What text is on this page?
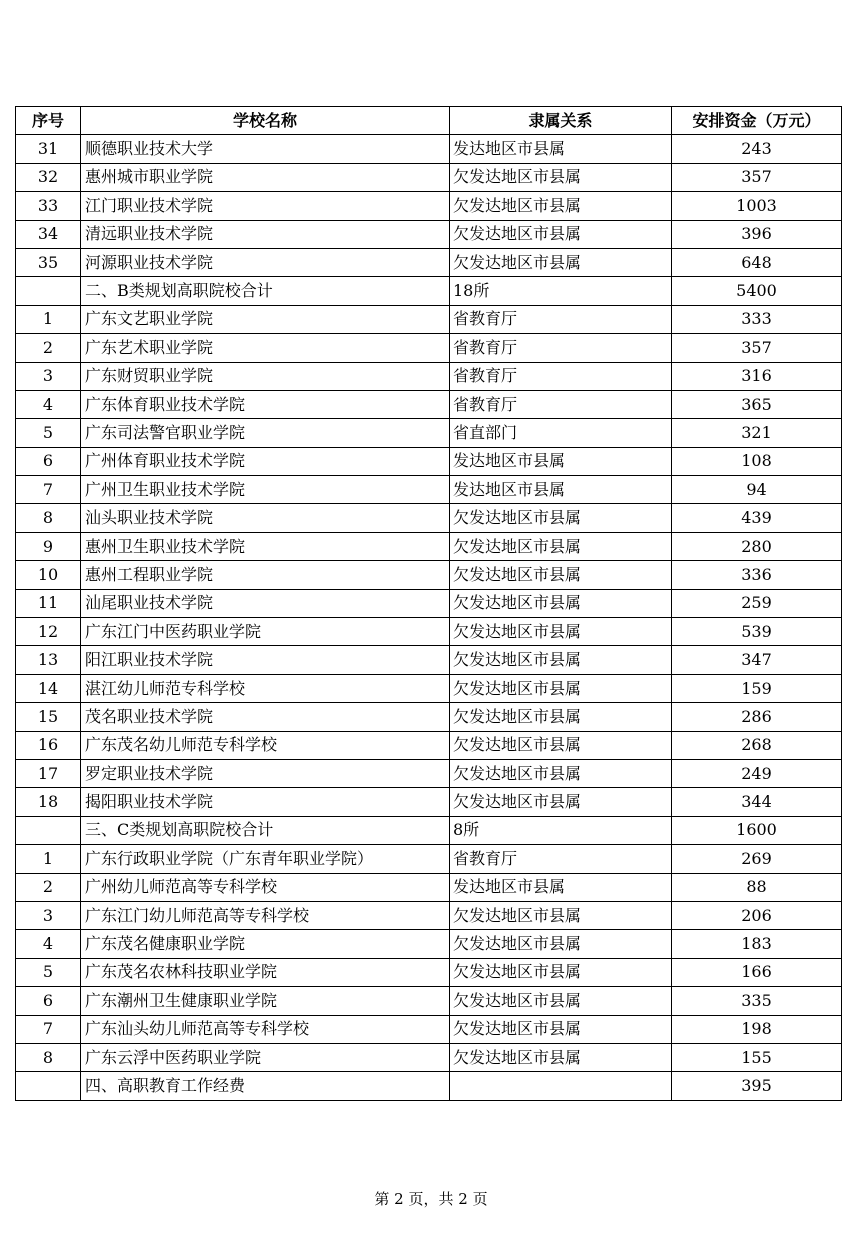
序号	学校名称	隶属关系	安排资金（万元）
31	顺德职业技术大学	发达地区市县属	243
32	惠州城市职业学院	欠发达地区市县属	357
33	江门职业技术学院	欠发达地区市县属	1003
34	清远职业技术学院	欠发达地区市县属	396
35	河源职业技术学院	欠发达地区市县属	648
	二、B类规划高职院校合计	18所	5400
1	广东文艺职业学院	省教育厅	333
2	广东艺术职业学院	省教育厅	357
3	广东财贸职业学院	省教育厅	316
4	广东体育职业技术学院	省教育厅	365
5	广东司法警官职业学院	省直部门	321
6	广州体育职业技术学院	发达地区市县属	108
7	广州卫生职业技术学院	发达地区市县属	94
8	汕头职业技术学院	欠发达地区市县属	439
9	惠州卫生职业技术学院	欠发达地区市县属	280
10	惠州工程职业学院	欠发达地区市县属	336
11	汕尾职业技术学院	欠发达地区市县属	259
12	广东江门中医药职业学院	欠发达地区市县属	539
13	阳江职业技术学院	欠发达地区市县属	347
14	湛江幼儿师范专科学校	欠发达地区市县属	159
15	茂名职业技术学院	欠发达地区市县属	286
16	广东茂名幼儿师范专科学校	欠发达地区市县属	268
17	罗定职业技术学院	欠发达地区市县属	249
18	揭阳职业技术学院	欠发达地区市县属	344
	三、C类规划高职院校合计	8所	1600
1	广东行政职业学院（广东青年职业学院）	省教育厅	269
2	广州幼儿师范高等专科学校	发达地区市县属	88
3	广东江门幼儿师范高等专科学校	欠发达地区市县属	206
4	广东茂名健康职业学院	欠发达地区市县属	183
5	广东茂名农林科技职业学院	欠发达地区市县属	166
6	广东潮州卫生健康职业学院	欠发达地区市县属	335
7	广东汕头幼儿师范高等专科学校	欠发达地区市县属	198
8	广东云浮中医药职业学院	欠发达地区市县属	155
	四、高职教育工作经费		395
第 2 页，共 2 页
